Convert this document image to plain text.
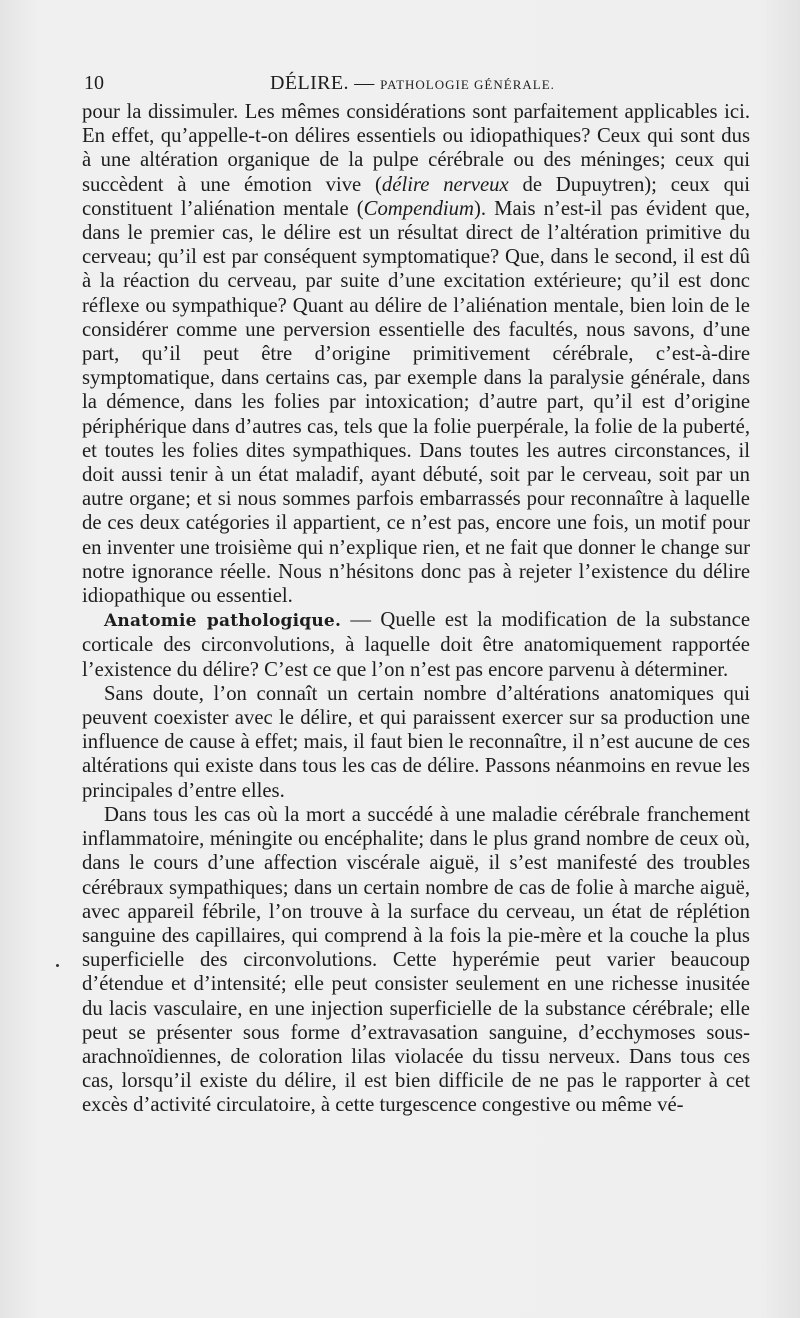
10	DÉLIRE. — PATHOLOGIE GÉNÉRALE.

pour la dissimuler. Les mêmes considérations sont parfaitement applicables ici. En effet, qu’appelle-t-on délires essentiels ou idiopathiques? Ceux qui sont dus à une altération organique de la pulpe cérébrale ou des méninges; ceux qui succèdent à une émotion vive (délire nerveux de Dupuytren); ceux qui constituent l’aliénation mentale (Compendium). Mais n’est-il pas évident que, dans le premier cas, le délire est un résultat direct de l’altération primitive du cerveau; qu’il est par conséquent symptomatique? Que, dans le second, il est dû à la réaction du cerveau, par suite d’une excitation extérieure; qu’il est donc réflexe ou sympathique? Quant au délire de l’aliénation mentale, bien loin de le considérer comme une perversion essentielle des facultés, nous savons, d’une part, qu’il peut être d’origine primitivement cérébrale, c’est-à-dire symptomatique, dans certains cas, par exemple dans la paralysie générale, dans la démence, dans les folies par intoxication; d’autre part, qu’il est d’origine périphérique dans d’autres cas, tels que la folie puerpérale, la folie de la puberté, et toutes les folies dites sympathiques. Dans toutes les autres circonstances, il doit aussi tenir à un état maladif, ayant débuté, soit par le cerveau, soit par un autre organe; et si nous sommes parfois embarrassés pour reconnaître à laquelle de ces deux catégories il appartient, ce n’est pas, encore une fois, un motif pour en inventer une troisième qui n’explique rien, et ne fait que donner le change sur notre ignorance réelle. Nous n’hésitons donc pas à rejeter l’existence du délire idiopathique ou essentiel.

Anatomie pathologique. — Quelle est la modification de la substance corticale des circonvolutions, à laquelle doit être anatomiquement rapportée l’existence du délire? C’est ce que l’on n’est pas encore parvenu à déterminer.

Sans doute, l’on connaît un certain nombre d’altérations anatomiques qui peuvent coexister avec le délire, et qui paraissent exercer sur sa production une influence de cause à effet; mais, il faut bien le reconnaître, il n’est aucune de ces altérations qui existe dans tous les cas de délire. Passons néanmoins en revue les principales d’entre elles.

Dans tous les cas où la mort a succédé à une maladie cérébrale franchement inflammatoire, méningite ou encéphalite; dans le plus grand nombre de ceux où, dans le cours d’une affection viscérale aiguë, il s’est manifesté des troubles cérébraux sympathiques; dans un certain nombre de cas de folie à marche aiguë, avec appareil fébrile, l’on trouve à la surface du cerveau, un état de réplétion sanguine des capillaires, qui comprend à la fois la pie-mère et la couche la plus superficielle des circonvolutions. Cette hyperémie peut varier beaucoup d’étendue et d’intensité; elle peut consister seulement en une richesse inusitée du lacis vasculaire, en une injection superficielle de la substance cérébrale; elle peut se présenter sous forme d’extravasation sanguine, d’ecchymoses sous-arachnoïdiennes, de coloration lilas violacée du tissu nerveux. Dans tous ces cas, lorsqu’il existe du délire, il est bien difficile de ne pas le rapporter à cet excès d’activité circulatoire, à cette turgescence congestive ou même vé-
